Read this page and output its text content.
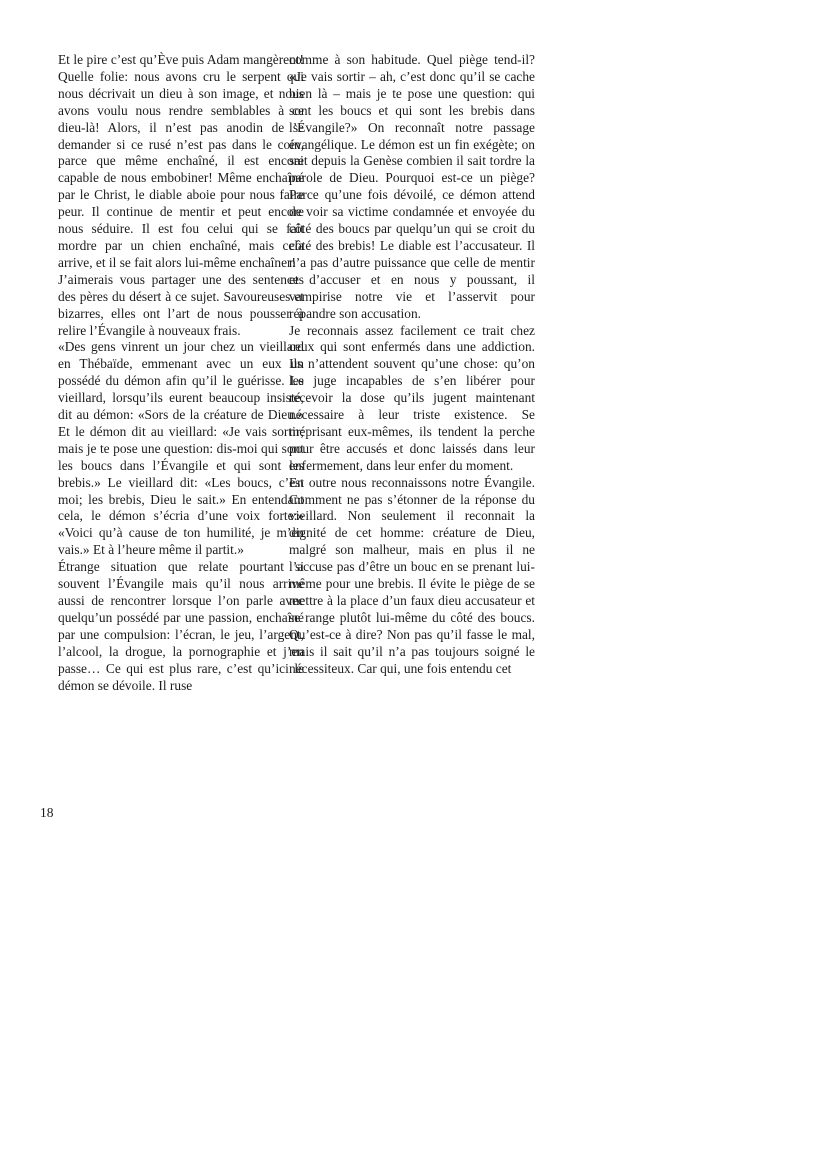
Et le pire c’est qu’Ève puis Adam mangèrent! Quelle folie: nous avons cru le serpent qui nous décrivait un dieu à son image, et nous avons voulu nous rendre semblables à ce dieu-là! Alors, il n’est pas anodin de se demander si ce rusé n’est pas dans le coin, parce que même enchaîné, il est encore capable de nous embobiner! Même enchaîné par le Christ, le diable aboie pour nous faire peur. Il continue de mentir et peut encore nous séduire. Il est fou celui qui se fait mordre par un chien enchaîné, mais cela arrive, et il se fait alors lui-même enchaîner!

J’aimerais vous partager une des sentences des pères du désert à ce sujet. Savoureuses et bizarres, elles ont l’art de nous pousser à relire l’Évangile à nouveaux frais.

«Des gens vinrent un jour chez un vieillard en Thébaïde, emmenant avec un eux un possédé du démon afin qu’il le guérisse. Le vieillard, lorsqu’ils eurent beaucoup insisté, dit au démon: «Sors de la créature de Dieu.» Et le démon dit au vieillard: «Je vais sortir; mais je te pose une question: dis-moi qui sont les boucs dans l’Évangile et qui sont les brebis.» Le vieillard dit: «Les boucs, c’est moi; les brebis, Dieu le sait.» En entendant cela, le démon s’écria d’une voix forte:» «Voici qu’à cause de ton humilité, je m’en vais.» Et à l’heure même il partit.»

Étrange situation que relate pourtant si souvent l’Évangile mais qu’il nous arrive aussi de rencontrer lorsque l’on parle avec quelqu’un possédé par une passion, enchaîné par une compulsion: l’écran, le jeu, l’argent, l’alcool, la drogue, la pornographie et j’en passe… Ce qui est plus rare, c’est qu’ici le démon se dévoile. Il ruse

comme à son habitude. Quel piège tend-il? «Je vais sortir – ah, c’est donc qu’il se cache bien là – mais je te pose une question: qui sont les boucs et qui sont les brebis dans l’Évangile?» On reconnaît notre passage évangélique. Le démon est un fin exégète; on sait depuis la Genèse combien il sait tordre la parole de Dieu. Pourquoi est-ce un piège? Parce qu’une fois dévoilé, ce démon attend de voir sa victime condamnée et envoyée du côté des boucs par quelqu’un qui se croit du côté des brebis! Le diable est l’accusateur. Il n’a pas d’autre puissance que celle de mentir et d’accuser et en nous y poussant, il vampirise notre vie et l’asservit pour répandre son accusation.

Je reconnais assez facilement ce trait chez ceux qui sont enfermés dans une addiction. Ils n’attendent souvent qu’une chose: qu’on les juge incapables de s’en libérer pour recevoir la dose qu’ils jugent maintenant nécessaire à leur triste existence. Se méprisant eux-mêmes, ils tendent la perche pour être accusés et donc laissés dans leur enfermement, dans leur enfer du moment.

En outre nous reconnaissons notre Évangile. Comment ne pas s’étonner de la réponse du vieillard. Non seulement il reconnait la dignité de cet homme: créature de Dieu, malgré son malheur, mais en plus il ne l’accuse pas d’être un bouc en se prenant lui-même pour une brebis. Il évite le piège de se mettre à la place d’un faux dieu accusateur et se range plutôt lui-même du côté des boucs. Qu’est-ce à dire? Non pas qu’il fasse le mal, mais il sait qu’il n’a pas toujours soigné le nécessiteux. Car qui, une fois entendu cet

18
